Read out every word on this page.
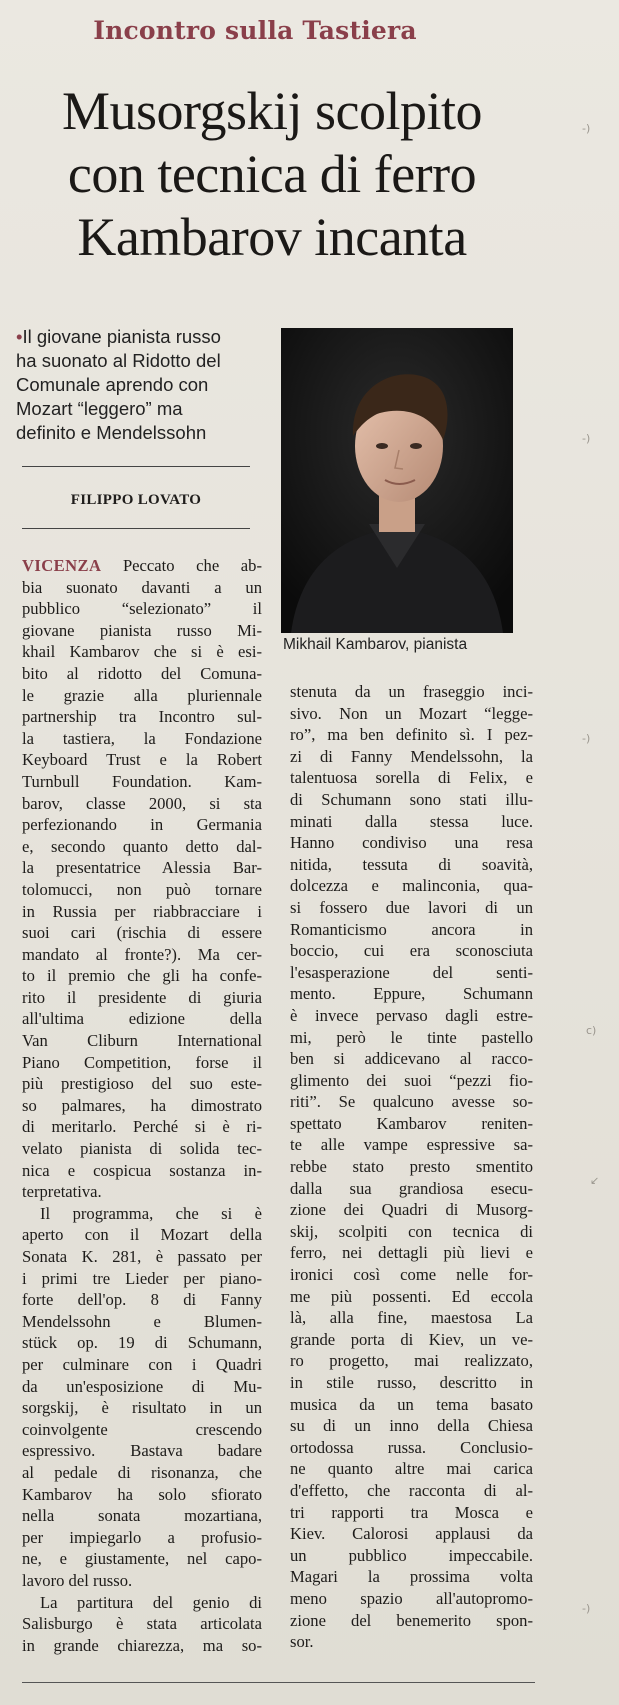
Incontro sulla Tastiera
Musorgskij scolpito
con tecnica di ferro
Kambarov incanta
•Il giovane pianista russo
ha suonato al Ridotto del
Comunale aprendo con
Mozart “leggero” ma
definito e Mendelssohn
FILIPPO LOVATO
Mikhail Kambarov, pianista

VICENZA Peccato che ab-
bia suonato davanti a un
pubblico “selezionato” il
giovane pianista russo Mi-
khail Kambarov che si è esi-
bito al ridotto del Comuna-
le grazie alla pluriennale
partnership tra Incontro sul-
la tastiera, la Fondazione
Keyboard Trust e la Robert
Turnbull Foundation. Kam-
barov, classe 2000, si sta
perfezionando in Germania
e, secondo quanto detto dal-
la presentatrice Alessia Bar-
tolomucci, non può tornare
in Russia per riabbracciare i
suoi cari (rischia di essere
mandato al fronte?). Ma cer-
to il premio che gli ha confe-
rito il presidente di giuria
all'ultima edizione della
Van Cliburn International
Piano Competition, forse il
più prestigioso del suo este-
so palmares, ha dimostrato
di meritarlo. Perché si è ri-
velato pianista di solida tec-
nica e cospicua sostanza in-
terpretativa.
Il programma, che si è
aperto con il Mozart della
Sonata K. 281, è passato per
i primi tre Lieder per piano-
forte dell'op. 8 di Fanny
Mendelssohn e Blumen-
stück op. 19 di Schumann,
per culminare con i Quadri
da un'esposizione di Mu-
sorgskij, è risultato in un
coinvolgente crescendo
espressivo. Bastava badare
al pedale di risonanza, che
Kambarov ha solo sfiorato
nella sonata mozartiana,
per impiegarlo a profusio-
ne, e giustamente, nel capo-
lavoro del russo.
La partitura del genio di
Salisburgo è stata articolata
in grande chiarezza, ma so-

stenuta da un fraseggio inci-
sivo. Non un Mozart “legge-
ro”, ma ben definito sì. I pez-
zi di Fanny Mendelssohn, la
talentuosa sorella di Felix, e
di Schumann sono stati illu-
minati dalla stessa luce.
Hanno condiviso una resa
nitida, tessuta di soavità,
dolcezza e malinconia, qua-
si fossero due lavori di un
Romanticismo ancora in
boccio, cui era sconosciuta
l'esasperazione del senti-
mento. Eppure, Schumann
è invece pervaso dagli estre-
mi, però le tinte pastello
ben si addicevano al racco-
glimento dei suoi “pezzi fio-
riti”. Se qualcuno avesse so-
spettato Kambarov reniten-
te alle vampe espressive sa-
rebbe stato presto smentito
dalla sua grandiosa esecu-
zione dei Quadri di Musorg-
skij, scolpiti con tecnica di
ferro, nei dettagli più lievi e
ironici così come nelle for-
me più possenti. Ed eccola
là, alla fine, maestosa La
grande porta di Kiev, un ve-
ro progetto, mai realizzato,
in stile russo, descritto in
musica da un tema basato
su di un inno della Chiesa
ortodossa russa. Conclusio-
ne quanto altre mai carica
d'effetto, che racconta di al-
tri rapporti tra Mosca e
Kiev. Calorosi applausi da
un pubblico impeccabile.
Magari la prossima volta
meno spazio all'autopromo-
zione del benemerito spon-
sor.

-)
-)
-)
c)
↙
-)
